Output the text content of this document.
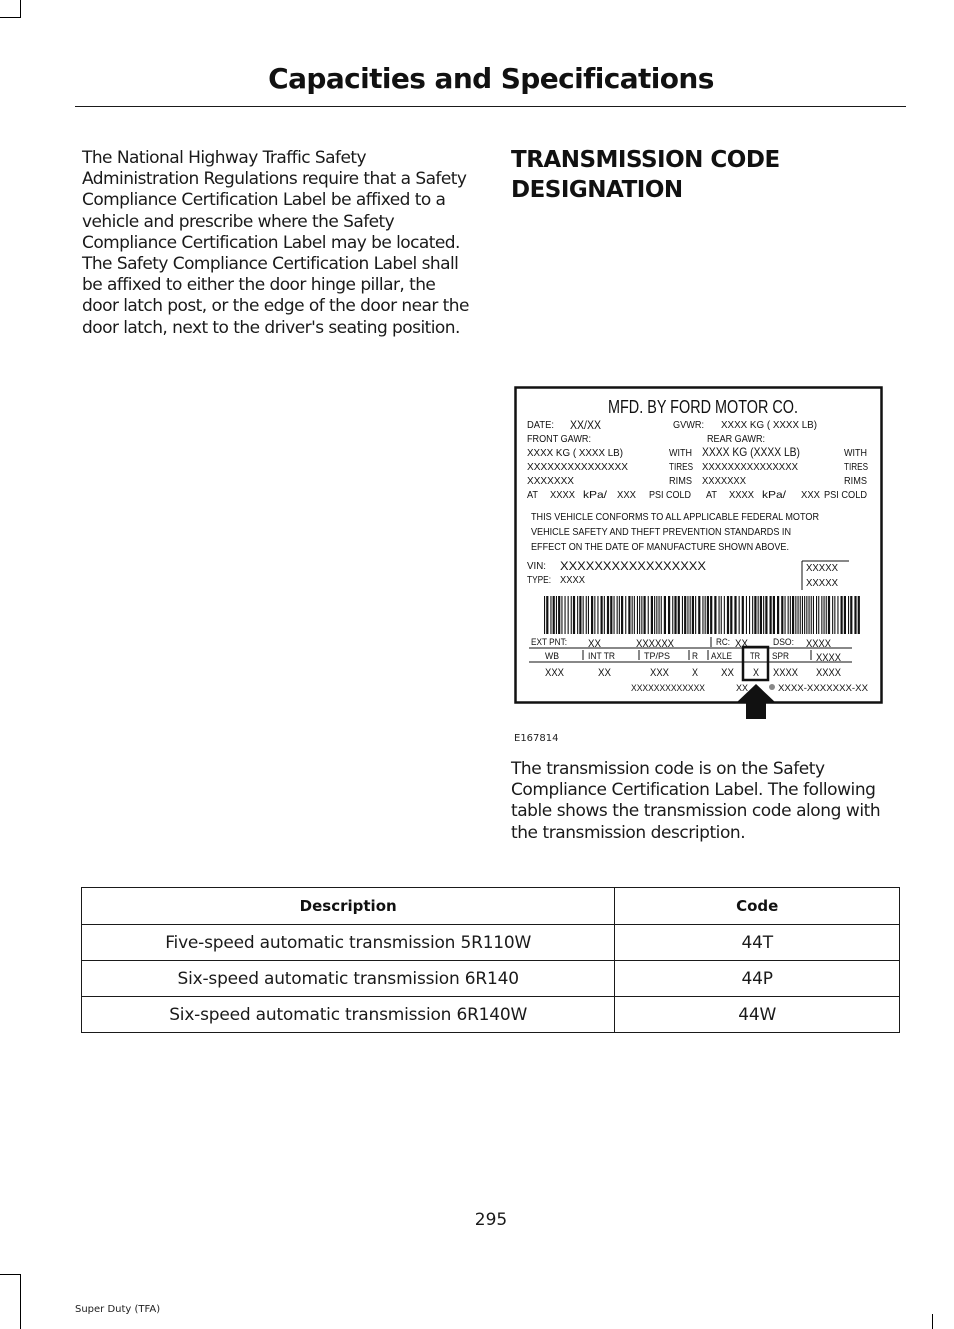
Capacities and Specifications

The National Highway Traffic Safety Administration Regulations require that a Safety Compliance Certification Label be affixed to a vehicle and prescribe where the Safety Compliance Certification Label may be located. The Safety Compliance Certification Label shall be affixed to either the door hinge pillar, the door latch post, or the edge of the door near the door latch, next to the driver's seating position.

TRANSMISSION CODE DESIGNATION
MFD. BY FORD MOTOR CO.
DATE: XX/XX	GVWR: XXXX KG ( XXXX LB)
FRONT GAWR:	REAR GAWR:
XXXX KG ( XXXX LB)	WITH XXXX KG (XXXX LB)	WITH
XXXXXXXXXXXXXXX	TIRES XXXXXXXXXXXXXXX	TIRES
XXXXXXX	RIMS XXXXXXX	RIMS
AT XXXX kPa/ XXX PSI COLD AT XXXX kPa/ XXX PSI COLD
THIS VEHICLE CONFORMS TO ALL APPLICABLE FEDERAL MOTOR
VEHICLE SAFETY AND THEFT PREVENTION STANDARDS IN
EFFECT ON THE DATE OF MANUFACTURE SHOWN ABOVE.
VIN: XXXXXXXXXXXXXXXXX
TYPE: XXXX
XXXXX
XXXXX
EXT PNT: XX	XXXXXX	RC: XX	DSO: XXXX
WB	INT TR	TP/PS R AXLE TR SPR XXXX
XXX	XX	XXX X XX X XXXX XXXX
XXXXXXXXXXXXX	XX	XXXX-XXXXXXX-XX
E167814

The transmission code is on the Safety Compliance Certification Label. The following table shows the transmission code along with the transmission description.

Description	Code
Five-speed automatic transmission 5R110W	44T
Six-speed automatic transmission 6R140	44P
Six-speed automatic transmission 6R140W	44W
295
Super Duty (TFA)
